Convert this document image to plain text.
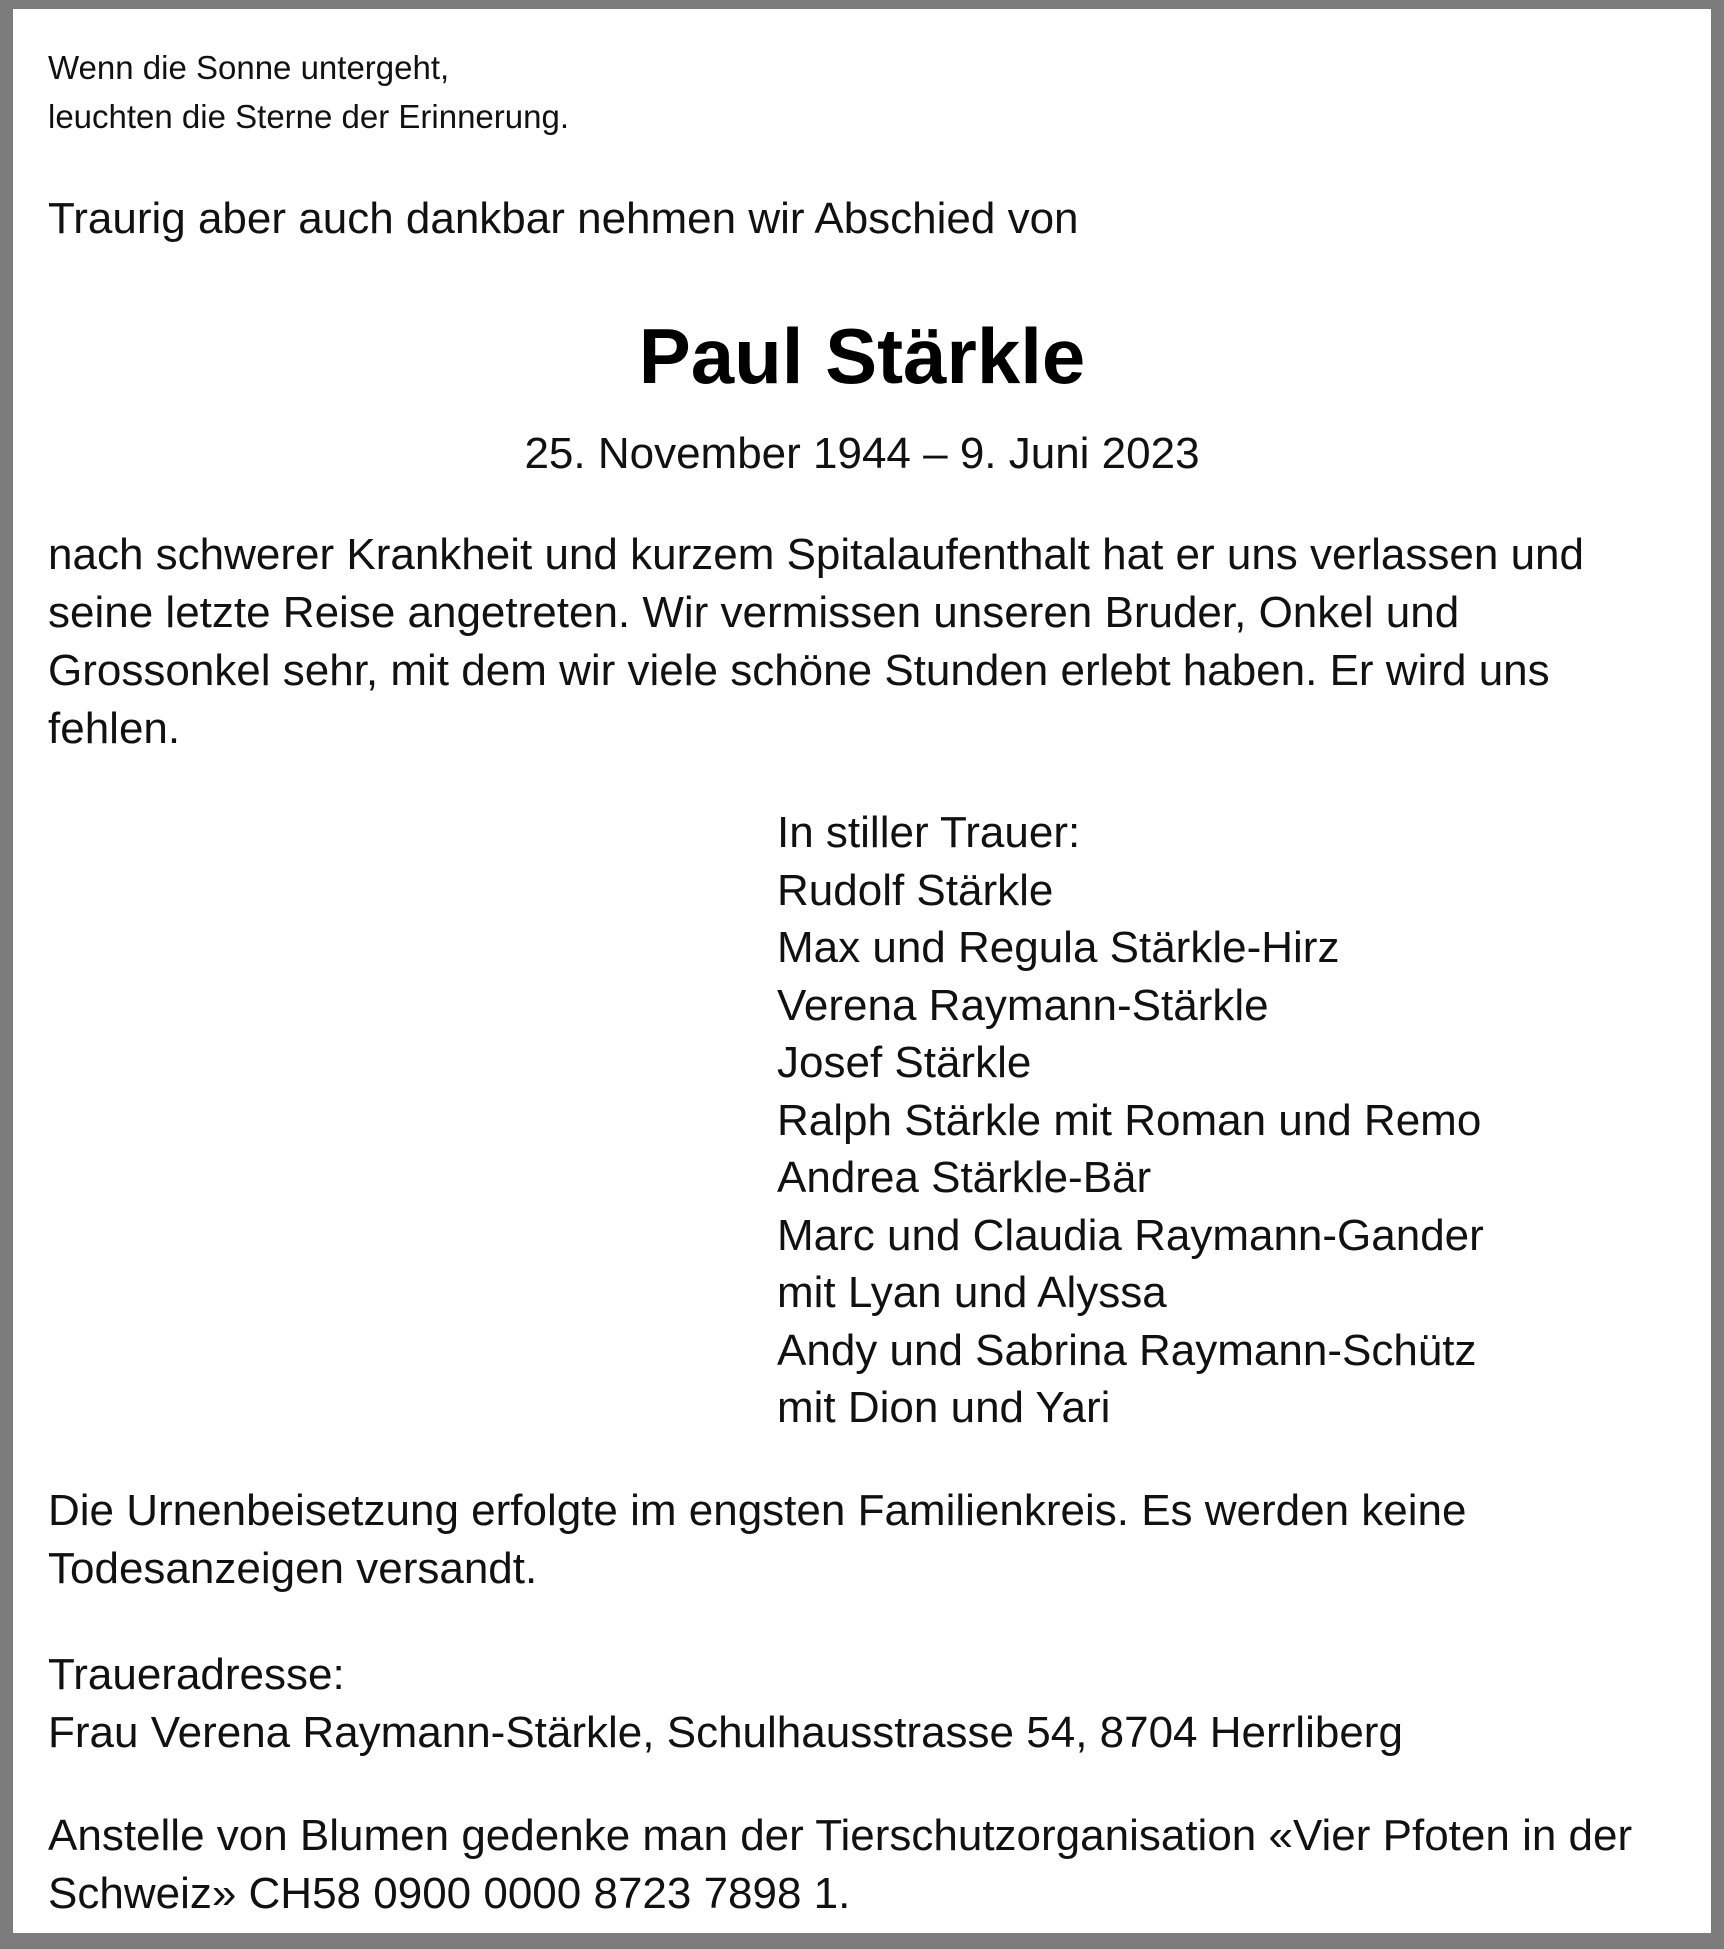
Wenn die Sonne untergeht,
leuchten die Sterne der Erinnerung.
Traurig aber auch dankbar nehmen wir Abschied von
Paul Stärkle
25. November 1944 – 9. Juni 2023

nach schwerer Krankheit und kurzem Spitalaufenthalt hat er uns verlassen und seine letzte Reise angetreten. Wir vermissen unseren Bruder, Onkel und Grossonkel sehr, mit dem wir viele schöne Stunden erlebt haben. Er wird uns fehlen.

In stiller Trauer:
Rudolf Stärkle
Max und Regula Stärkle-Hirz
Verena Raymann-Stärkle
Josef Stärkle
Ralph Stärkle mit Roman und Remo
Andrea Stärkle-Bär
Marc und Claudia Raymann-Gander
mit Lyan und Alyssa
Andy und Sabrina Raymann-Schütz
mit Dion und Yari

Die Urnenbeisetzung erfolgte im engsten Familienkreis. Es werden keine Todesanzeigen versandt.

Traueradresse:
Frau Verena Raymann-Stärkle, Schulhausstrasse 54, 8704 Herrliberg

Anstelle von Blumen gedenke man der Tierschutzorganisation «Vier Pfoten in der Schweiz» CH58 0900 0000 8723 7898 1.
